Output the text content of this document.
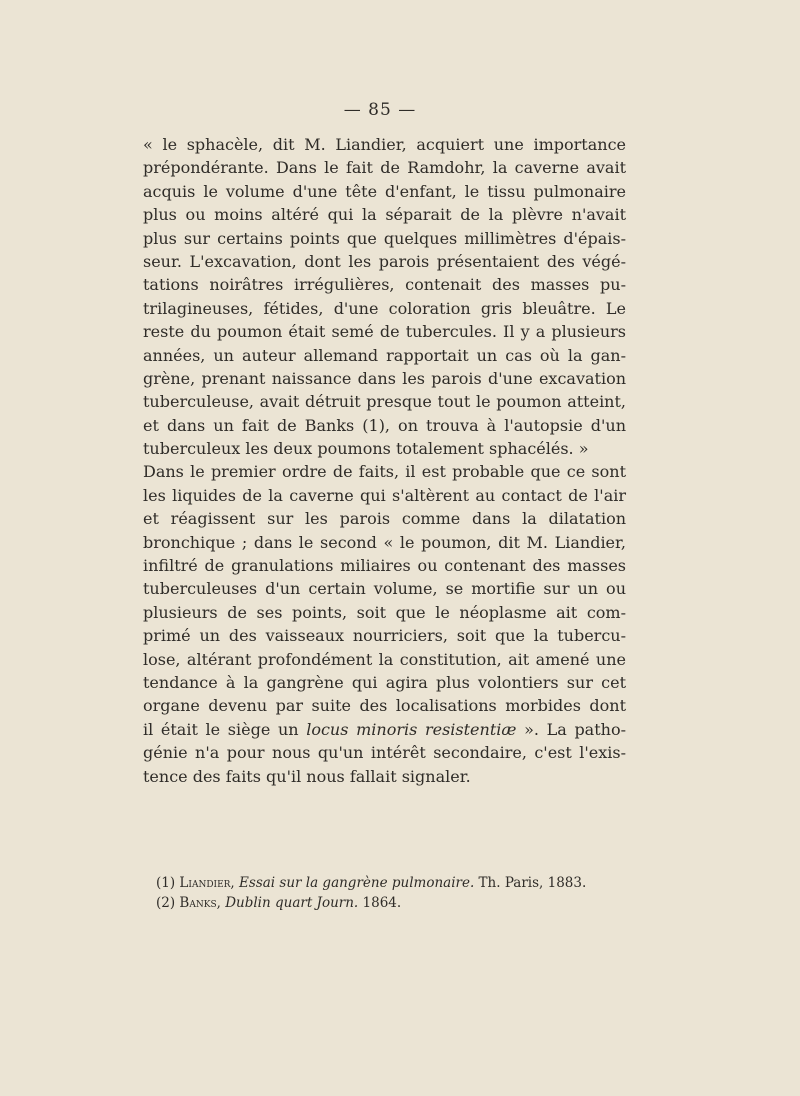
— 85 —
« le sphacèle, dit M. Liandier, acquiert une importance
prépondérante. Dans le fait de Ramdohr, la caverne avait
acquis le volume d'une tête d'enfant, le tissu pulmonaire
plus ou moins altéré qui la séparait de la plèvre n'avait
plus sur certains points que quelques millimètres d'épais-
seur. L'excavation, dont les parois présentaient des végé-
tations noirâtres irrégulières, contenait des masses pu-
trilagineuses, fétides, d'une coloration gris bleuâtre. Le
reste du poumon était semé de tubercules. Il y a plusieurs
années, un auteur allemand rapportait un cas où la gan-
grène, prenant naissance dans les parois d'une excavation
tuberculeuse, avait détruit presque tout le poumon atteint,
et dans un fait de Banks (1), on trouva à l'autopsie d'un
tuberculeux les deux poumons totalement sphacélés. »
Dans le premier ordre de faits, il est probable que ce sont
les liquides de la caverne qui s'altèrent au contact de l'air
et réagissent sur les parois comme dans la dilatation
bronchique ; dans le second « le poumon, dit M. Liandier,
infiltré de granulations miliaires ou contenant des masses
tuberculeuses d'un certain volume, se mortifie sur un ou
plusieurs de ses points, soit que le néoplasme ait com-
primé un des vaisseaux nourriciers, soit que la tubercu-
lose, altérant profondément la constitution, ait amené une
tendance à la gangrène qui agira plus volontiers sur cet
organe devenu par suite des localisations morbides dont
il était le siège un locus minoris resistentiæ ». La patho-
génie n'a pour nous qu'un intérêt secondaire, c'est l'exis-
tence des faits qu'il nous fallait signaler.
(1) Liandier, Essai sur la gangrène pulmonaire. Th. Paris, 1883.
(2) Banks, Dublin quart Journ. 1864.
